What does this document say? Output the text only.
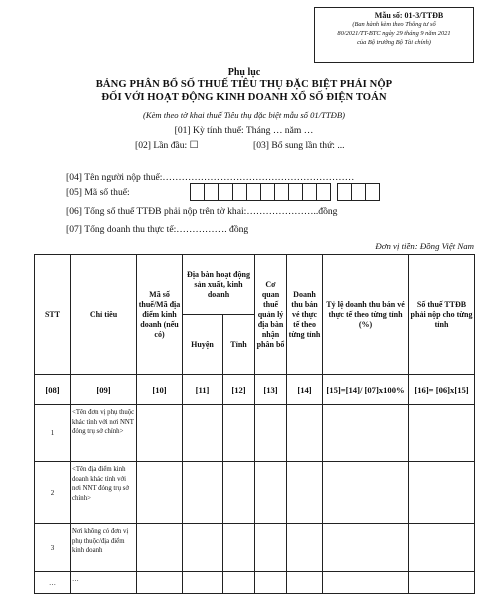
Mẫu số: 01-3/TTĐB
(Ban hành kèm theo Thông tư số
80/2021/TT-BTC ngày 29 tháng 9 năm 2021
của Bộ trưởng Bộ Tài chính)
Phụ lục
BẢNG PHÂN BỔ SỐ THUẾ TIÊU THỤ ĐẶC BIỆT PHẢI NỘP
ĐỐI VỚI HOẠT ĐỘNG KINH DOANH XỔ SỐ ĐIỆN TOÁN
(Kèm theo tờ khai thuế Tiêu thụ đặc biệt mẫu số 01/TTĐB)
[01] Kỳ tính thuế: Tháng … năm …
[02] Lần đầu: ☐	[03] Bổ sung lần thứ: ...
[04] Tên người nộp thuế:……………………………………………………
[05] Mã số thuế:
[06] Tổng số thuế TTĐB phải nộp trên tờ khai:…………………..đồng
[07] Tổng doanh thu thực tế:……………. đồng
Đơn vị tiền: Đồng Việt Nam
STT	Chỉ tiêu	Mã số thuế/Mã địa điểm kinh doanh (nếu có)	Địa bàn hoạt động sản xuất, kinh doanh		Cơ quan thuế quản lý địa bàn nhận phân bổ	Doanh thu bán vé thực tế theo từng tỉnh	Tỷ lệ doanh thu bán vé thực tế theo từng tỉnh (%)	Số thuế TTĐB phải nộp cho từng tỉnh
			Huyện	Tỉnh				
[08]	[09]	[10]	[11]	[12]	[13]	[14]	[15]=[14]/ [07]x100%	[16]= [06]x[15]
1	<Tên đơn vị phụ thuộc khác tỉnh với nơi NNT đóng trụ sở chính>							
2	<Tên địa điểm kinh doanh khác tỉnh với nơi NNT đóng trụ sở chính>							
3	Nơi không có đơn vị phụ thuộc/địa điểm kinh doanh							
…	…							
